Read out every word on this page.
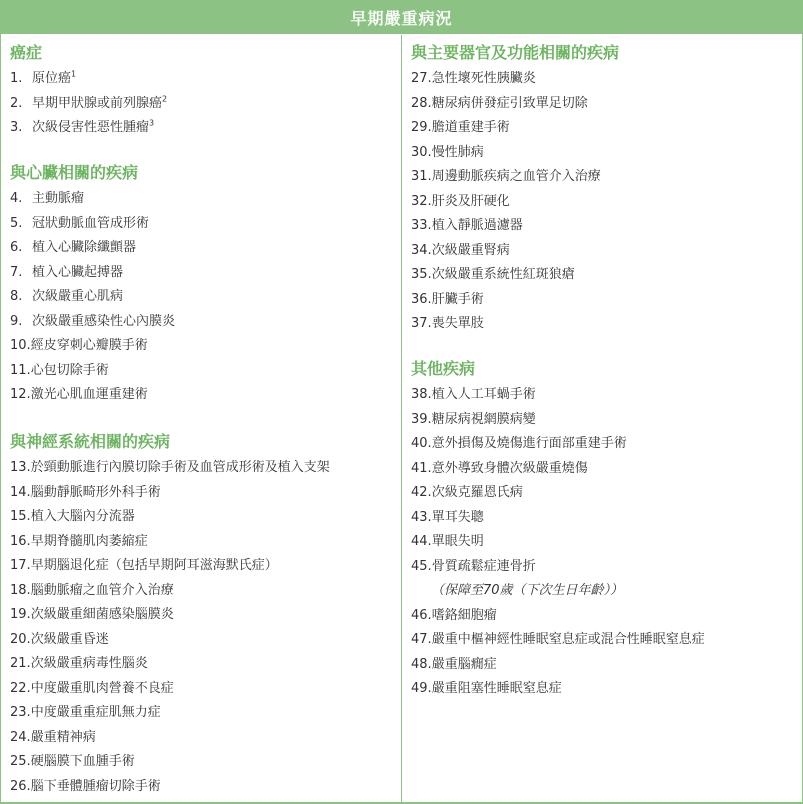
早期嚴重病況
癌症
1. 原位癌$^1$
2. 早期甲狀腺或前列腺癌$^2$
3. 次級侵害性惡性腫瘤$^3$
與心臟相關的疾病
4. 主動脈瘤
5. 冠狀動脈血管成形術
6. 植入心臟除纖顫器
7. 植入心臟起搏器
8. 次級嚴重心肌病
9. 次級嚴重感染性心內膜炎
10.經皮穿刺心瓣膜手術
11.心包切除手術
12.激光心肌血運重建術
與神經系統相關的疾病
13.於頸動脈進行內膜切除手術及血管成形術及植入支架
14.腦動靜脈畸形外科手術
15.植入大腦內分流器
16.早期脊髓肌肉萎縮症
17.早期腦退化症（包括早期阿耳滋海默氏症）
18.腦動脈瘤之血管介入治療
19.次級嚴重細菌感染腦膜炎
20.次級嚴重昏迷
21.次級嚴重病毒性腦炎
22.中度嚴重肌肉營養不良症
23.中度嚴重重症肌無力症
24.嚴重精神病
25.硬腦膜下血腫手術
26.腦下垂體腫瘤切除手術
與主要器官及功能相關的疾病
27.急性壞死性胰臟炎
28.糖尿病併發症引致單足切除
29.膽道重建手術
30.慢性肺病
31.周邊動脈疾病之血管介入治療
32.肝炎及肝硬化
33.植入靜脈過濾器
34.次級嚴重腎病
35.次級嚴重系統性紅斑狼瘡
36.肝臟手術
37.喪失單肢
其他疾病
38.植入人工耳蝸手術
39.糖尿病視網膜病變
40.意外損傷及燒傷進行面部重建手術
41.意外導致身體次級嚴重燒傷
42.次級克羅恩氏病
43.單耳失聰
44.單眼失明
45.骨質疏鬆症連骨折
（保障至70歲（下次生日年齡））
46.嗜鉻細胞瘤
47.嚴重中樞神經性睡眠窒息症或混合性睡眠窒息症
48.嚴重腦癇症
49.嚴重阻塞性睡眠窒息症
